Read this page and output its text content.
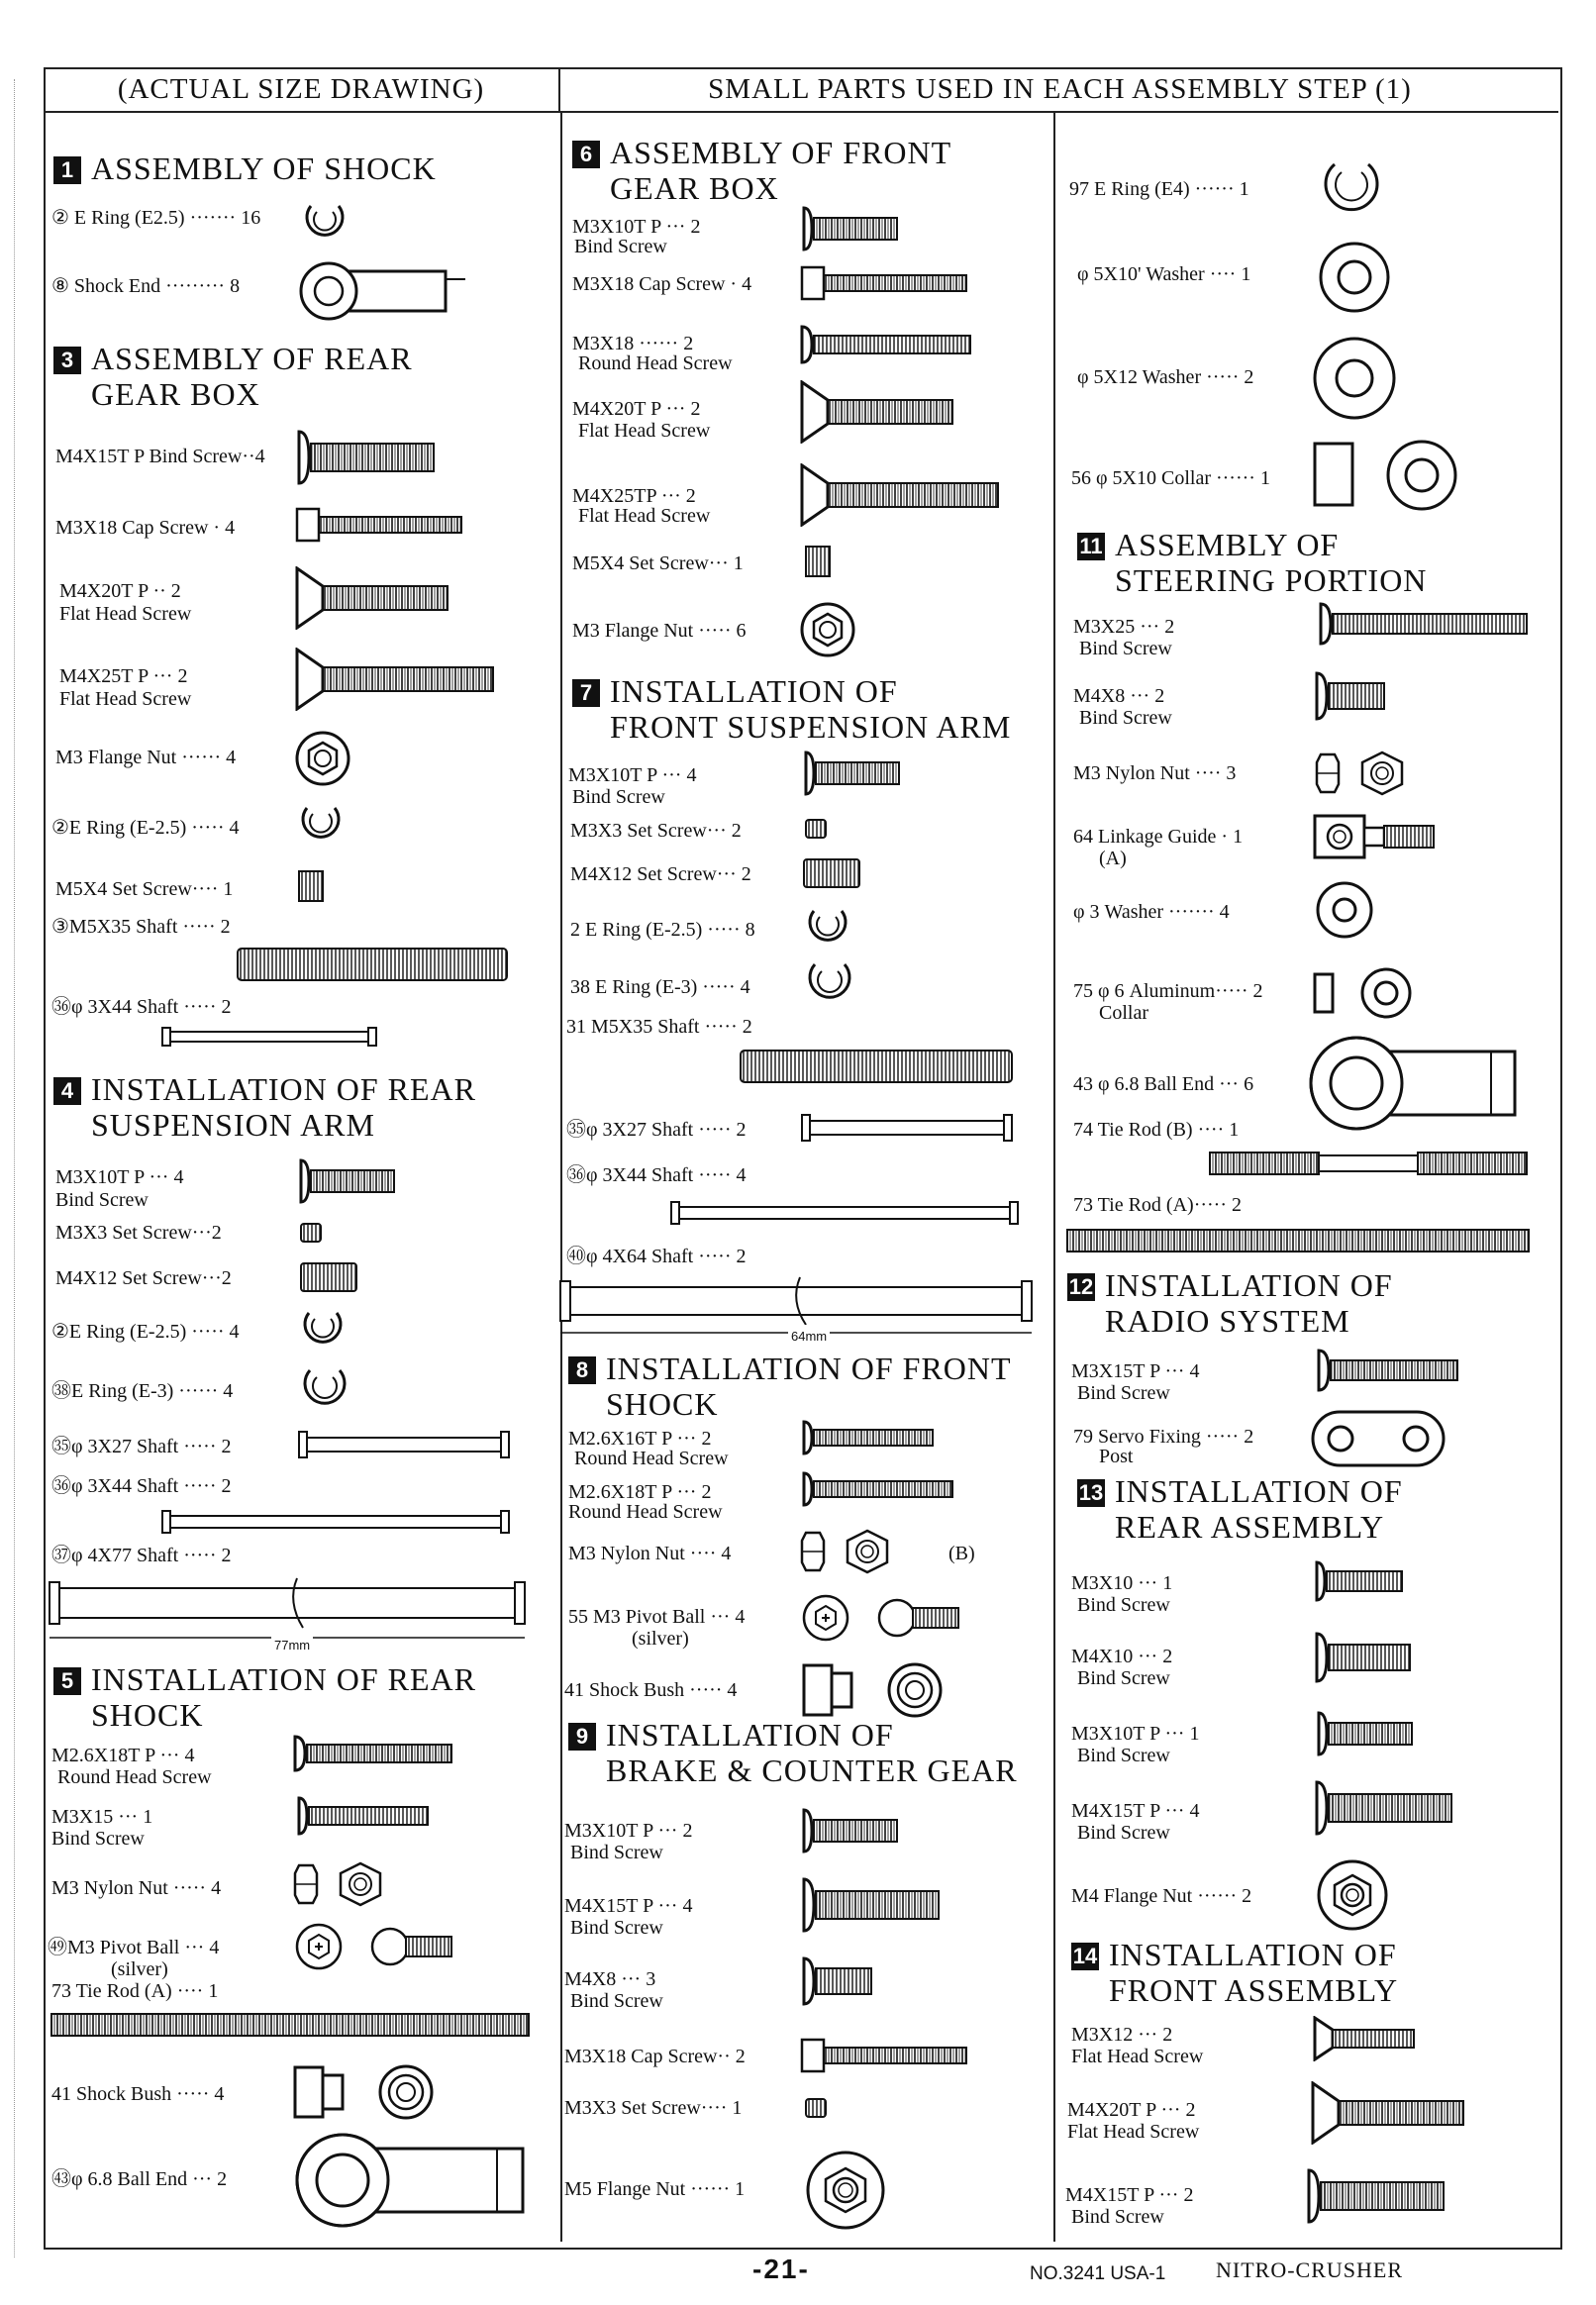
(ACTUAL SIZE DRAWING)	SMALL PARTS USED IN EACH ASSEMBLY STEP (1)
1 ASSEMBLY OF SHOCK
② E Ring (E2.5) ······· 16
⑧ Shock End ········· 8
3 ASSEMBLY OF REAR
GEAR BOX
M4X15T P Bind Screw··4
M3X18 Cap Screw · 4
M4X20T P ·· 2
Flat Head Screw
M4X25T P ··· 2
Flat Head Screw
M3 Flange Nut ······ 4
②E Ring (E-2.5) ····· 4
M5X4 Set Screw···· 1
③M5X35 Shaft ····· 2
㊱φ 3X44 Shaft ····· 2
4 INSTALLATION OF REAR
SUSPENSION ARM
M3X10T P ··· 4
Bind Screw
M3X3 Set Screw···2
M4X12 Set Screw···2
②E Ring (E-2.5) ····· 4
㊳E Ring (E-3) ······ 4
㉟φ 3X27 Shaft ····· 2
㊱φ 3X44 Shaft ····· 2
㊲φ 4X77 Shaft ····· 2
77mm
5 INSTALLATION OF REAR
SHOCK
M2.6X18T P ··· 4
Round Head Screw
M3X15 ··· 1
Bind Screw
M3 Nylon Nut ····· 4
㊾M3 Pivot Ball ··· 4
(silver)
73 Tie Rod (A) ···· 1
41 Shock Bush ····· 4
㊸φ 6.8 Ball End ··· 2
6 ASSEMBLY OF FRONT
GEAR BOX
M3X10T P ··· 2
Bind Screw
M3X18 Cap Screw · 4
M3X18 ······ 2
Round Head Screw
M4X20T P ··· 2
Flat Head Screw
M4X25TP ··· 2
Flat Head Screw
M5X4 Set Screw··· 1
M3 Flange Nut ····· 6
7 INSTALLATION OF
FRONT SUSPENSION ARM
M3X10T P ··· 4
Bind Screw
M3X3 Set Screw··· 2
M4X12 Set Screw··· 2
2 E Ring (E-2.5) ····· 8
38 E Ring (E-3) ····· 4
31 M5X35 Shaft ····· 2
㉟φ 3X27 Shaft ····· 2
㊱φ 3X44 Shaft ····· 4
㊵φ 4X64 Shaft ····· 2
64mm
8 INSTALLATION OF FRONT
SHOCK
M2.6X16T P ··· 2
Round Head Screw
M2.6X18T P ··· 2
Round Head Screw
M3 Nylon Nut ···· 4	(B)
55 M3 Pivot Ball ··· 4
(silver)
41 Shock Bush ····· 4
9 INSTALLATION OF
BRAKE & COUNTER GEAR
M3X10T P ··· 2
Bind Screw
M4X15T P ··· 4
Bind Screw
M4X8 ··· 3
Bind Screw
M3X18 Cap Screw·· 2
M3X3 Set Screw···· 1
M5 Flange Nut ······ 1
97 E Ring (E4) ······ 1
φ 5X10' Washer ···· 1
φ 5X12 Washer ····· 2
56 φ 5X10 Collar ······ 1
11 ASSEMBLY OF
STEERING PORTION
M3X25 ··· 2
Bind Screw
M4X8 ··· 2
Bind Screw
M3 Nylon Nut ···· 3
64 Linkage Guide · 1
(A)
φ 3 Washer ······· 4
75 φ 6 Aluminum····· 2
Collar
43 φ 6.8 Ball End ··· 6
74 Tie Rod (B) ···· 1
73 Tie Rod (A)····· 2
12 INSTALLATION OF
RADIO SYSTEM
M3X15T P ··· 4
Bind Screw
79 Servo Fixing ····· 2
Post
13 INSTALLATION OF
REAR ASSEMBLY
M3X10 ··· 1
Bind Screw
M4X10 ··· 2
Bind Screw
M3X10T P ··· 1
Bind Screw
M4X15T P ··· 4
Bind Screw
M4 Flange Nut ······ 2
14 INSTALLATION OF
FRONT ASSEMBLY
M3X12 ··· 2
Flat Head Screw
M4X20T P ··· 2
Flat Head Screw
M4X15T P ··· 2
Bind Screw
-21-	NO.3241 USA-1 NITRO-CRUSHER
